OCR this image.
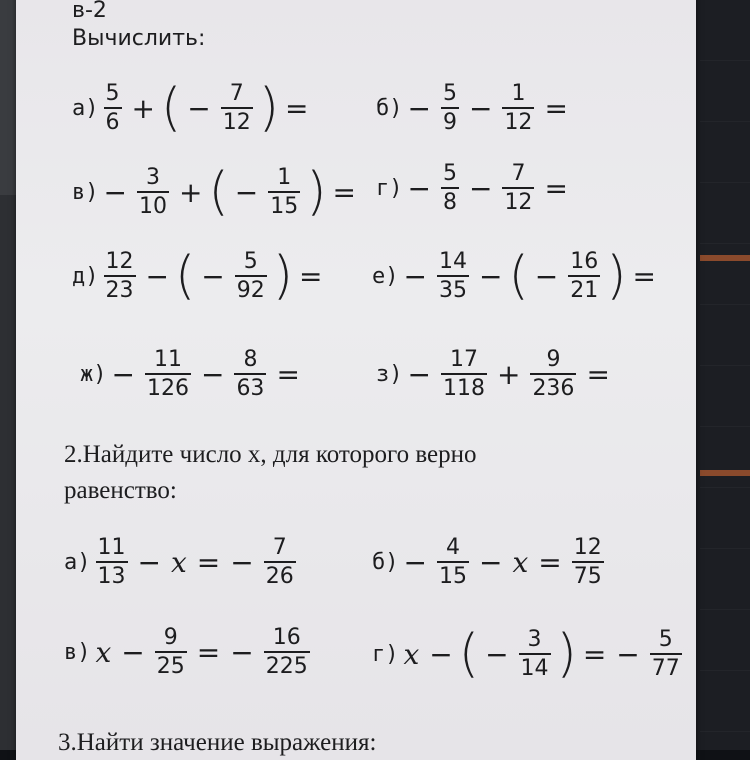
в-2
Вычислить:
$а) \frac{5}{6}$ + ( − $\frac{7}{12}$ ) =	$б) - \frac{5}{9} - \frac{1}{12}$ =
$в) - \frac{3}{10}$ + ( − $\frac{1}{15}$ ) = $г) - \frac{5}{8} - \frac{7}{12}$ =
$д) \frac{12}{23}$ − ( − $\frac{5}{92}$ ) = $е) - \frac{14}{35}$ − ( − $\frac{16}{21}$ ) =
$ж) - \frac{11}{126} - \frac{8}{63}$ =	$з) - \frac{17}{118} + \frac{9}{236}$ =
2.Найдите число x, для которого верно
равенство:
$а) \frac{11}{13} - x$ = − $\frac{7}{26}$	$б) - \frac{4}{15} - x = \frac{12}{75}$
в) $x - \frac{9}{25}$ = − $\frac{16}{225}$	г) x − ( − $\frac{3}{14}$ ) = − $\frac{5}{77}$
3.Найти значение выражения:
